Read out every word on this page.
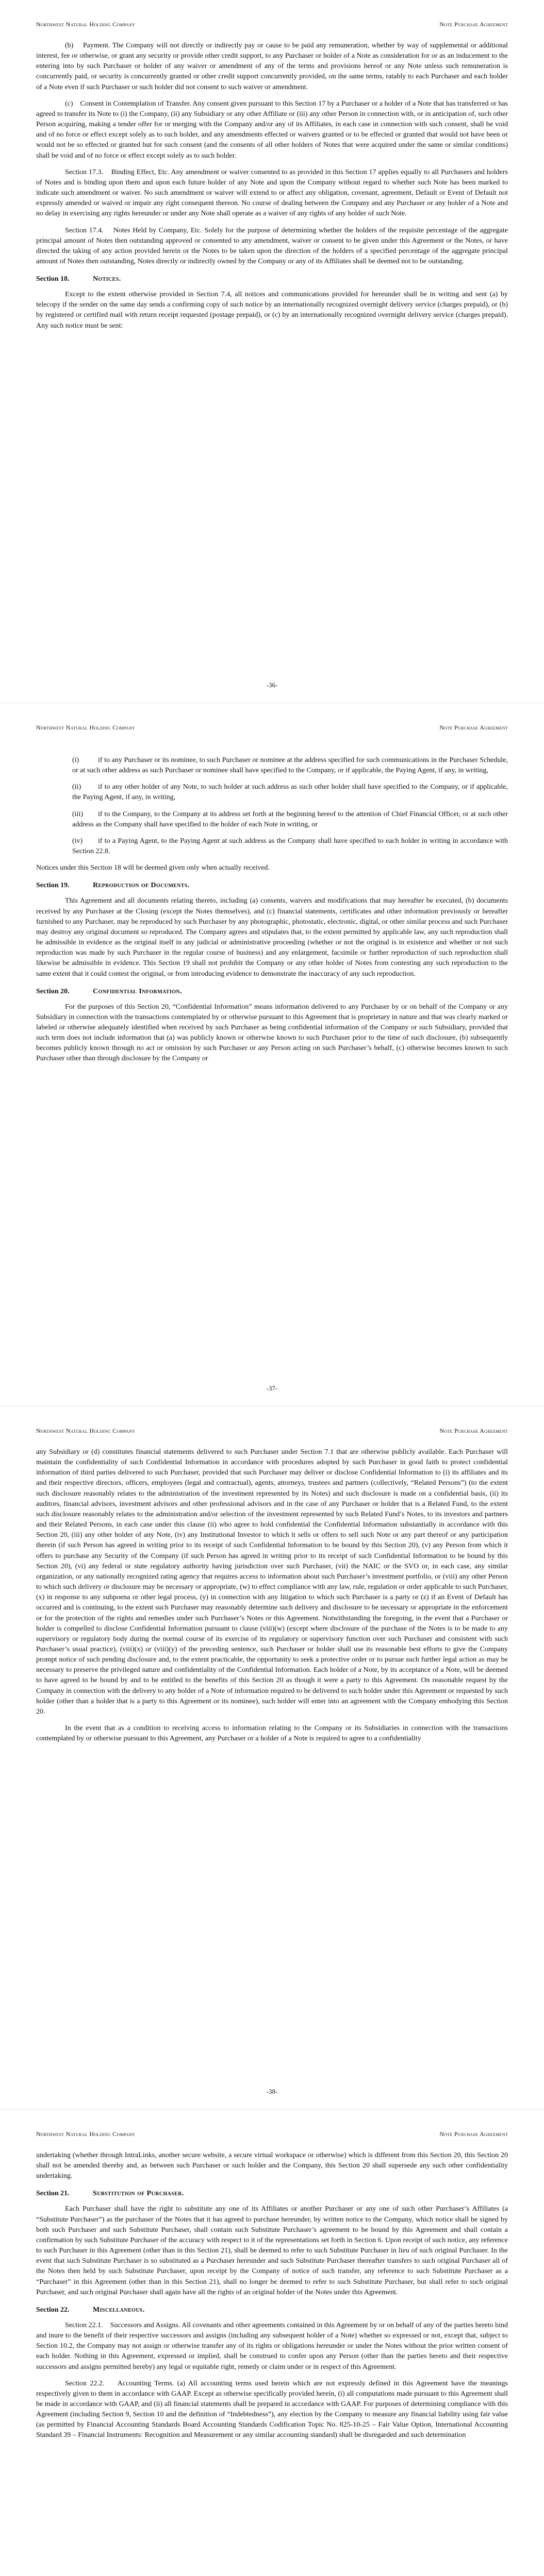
Northwest Natural Holding Company	Note Purchase Agreement

(b)    Payment. The Company will not directly or indirectly pay or cause to be paid any remuneration, whether by way of supplemental or additional interest, fee or otherwise, or grant any security or provide other credit support, to any Purchaser or holder of a Note as consideration for or as an inducement to the entering into by such Purchaser or holder of any waiver or amendment of any of the terms and provisions hereof or any Note unless such remuneration is concurrently paid, or security is concurrently granted or other credit support concurrently provided, on the same terms, ratably to each Purchaser and each holder of a Note even if such Purchaser or such holder did not consent to such waiver or amendment.

(c)    Consent in Contemplation of Transfer. Any consent given pursuant to this Section 17 by a Purchaser or a holder of a Note that has transferred or has agreed to transfer its Note to (i) the Company, (ii) any Subsidiary or any other Affiliate or (iii) any other Person in connection with, or in anticipation of, such other Person acquiring, making a tender offer for or merging with the Company and/or any of its Affiliates, in each case in connection with such consent, shall be void and of no force or effect except solely as to such holder, and any amendments effected or waivers granted or to be effected or granted that would not have been or would not be so effected or granted but for such consent (and the consents of all other holders of Notes that were acquired under the same or similar conditions) shall be void and of no force or effect except solely as to such holder.

Section 17.3.    Binding Effect, Etc. Any amendment or waiver consented to as provided in this Section 17 applies equally to all Purchasers and holders of Notes and is binding upon them and upon each future holder of any Note and upon the Company without regard to whether such Note has been marked to indicate such amendment or waiver. No such amendment or waiver will extend to or affect any obligation, covenant, agreement, Default or Event of Default not expressly amended or waived or impair any right consequent thereon. No course of dealing between the Company and any Purchaser or any holder of a Note and no delay in exercising any rights hereunder or under any Note shall operate as a waiver of any rights of any holder of such Note.

Section 17.4.    Notes Held by Company, Etc. Solely for the purpose of determining whether the holders of the requisite percentage of the aggregate principal amount of Notes then outstanding approved or consented to any amendment, waiver or consent to be given under this Agreement or the Notes, or have directed the taking of any action provided herein or the Notes to be taken upon the direction of the holders of a specified percentage of the aggregate principal amount of Notes then outstanding, Notes directly or indirectly owned by the Company or any of its Affiliates shall be deemed not to be outstanding.

Section 18.	Notices.

Except to the extent otherwise provided in Section 7.4, all notices and communications provided for hereunder shall be in writing and sent (a) by telecopy if the sender on the same day sends a confirming copy of such notice by an internationally recognized overnight delivery service (charges prepaid), or (b) by registered or certified mail with return receipt requested (postage prepaid), or (c) by an internationally recognized overnight delivery service (charges prepaid). Any such notice must be sent:

-36-
Northwest Natural Holding Company	Note Purchase Agreement

(i)	if to any Purchaser or its nominee, to such Purchaser or nominee at the address specified for such communications in the Purchaser Schedule, or at such other address as such Purchaser or nominee shall have specified to the Company, or if applicable, the Paying Agent, if any, in writing,

(ii) if to any other holder of any Note, to such holder at such address as such other holder shall have specified to the Company, or if applicable, the Paying Agent, if any, in writing,

(iii) if to the Company, to the Company at its address set forth at the beginning hereof to the attention of Chief Financial Officer, or at such other address as the Company shall have specified to the holder of each Note in writing, or

(iv) if to a Paying Agent, to the Paying Agent at such address as the Company shall have specified to each holder in writing in accordance with Section 22.8.

Notices under this Section 18 will be deemed given only when actually received.

Section 19.	Reproduction of Documents.

This Agreement and all documents relating thereto, including (a) consents, waivers and modifications that may hereafter be executed, (b) documents received by any Purchaser at the Closing (except the Notes themselves), and (c) financial statements, certificates and other information previously or hereafter furnished to any Purchaser, may be reproduced by such Purchaser by any photographic, photostatic, electronic, digital, or other similar process and such Purchaser may destroy any original document so reproduced. The Company agrees and stipulates that, to the extent permitted by applicable law, any such reproduction shall be admissible in evidence as the original itself in any judicial or administrative proceeding (whether or not the original is in existence and whether or not such reproduction was made by such Purchaser in the regular course of business) and any enlargement, facsimile or further reproduction of such reproduction shall likewise be admissible in evidence. This Section 19 shall not prohibit the Company or any other holder of Notes from contesting any such reproduction to the same extent that it could contest the original, or from introducing evidence to demonstrate the inaccuracy of any such reproduction.

Section 20.	Confidential Information.

For the purposes of this Section 20, “Confidential Information” means information delivered to any Purchaser by or on behalf of the Company or any Subsidiary in connection with the transactions contemplated by or otherwise pursuant to this Agreement that is proprietary in nature and that was clearly marked or labeled or otherwise adequately identified when received by such Purchaser as being confidential information of the Company or such Subsidiary, provided that such term does not include information that (a) was publicly known or otherwise known to such Purchaser prior to the time of such disclosure, (b) subsequently becomes publicly known through no act or omission by such Purchaser or any Person acting on such Purchaser’s behalf, (c) otherwise becomes known to such Purchaser other than through disclosure by the Company or

-37-
Northwest Natural Holding Company	Note Purchase Agreement

any Subsidiary or (d) constitutes financial statements delivered to such Purchaser under Section 7.1 that are otherwise publicly available. Each Purchaser will maintain the confidentiality of such Confidential Information in accordance with procedures adopted by such Purchaser in good faith to protect confidential information of third parties delivered to such Purchaser, provided that such Purchaser may deliver or disclose Confidential Information to (i) its affiliates and its and their respective directors, officers, employees (legal and contractual), agents, attorneys, trustees and partners (collectively, “Related Persons”) (to the extent such disclosure reasonably relates to the administration of the investment represented by its Notes) and such disclosure is made on a confidential basis, (ii) its auditors, financial advisors, investment advisors and other professional advisors and in the case of any Purchaser or holder that is a Related Fund, to the extent such disclosure reasonably relates to the administration and/or selection of the investment represented by such Related Fund’s Notes, to its investors and partners and their Related Persons, in each case under this clause (ii) who agree to hold confidential the Confidential Information substantially in accordance with this Section 20, (iii) any other holder of any Note, (iv) any Institutional Investor to which it sells or offers to sell such Note or any part thereof or any participation therein (if such Person has agreed in writing prior to its receipt of such Confidential Information to be bound by this Section 20), (v) any Person from which it offers to purchase any Security of the Company (if such Person has agreed in writing prior to its receipt of such Confidential Information to be bound by this Section 20), (vi) any federal or state regulatory authority having jurisdiction over such Purchaser, (vii) the NAIC or the SVO or, in each case, any similar organization, or any nationally recognized rating agency that requires access to information about such Purchaser’s investment portfolio, or (viii) any other Person to which such delivery or disclosure may be necessary or appropriate, (w) to effect compliance with any law, rule, regulation or order applicable to such Purchaser, (x) in response to any subpoena or other legal process, (y) in connection with any litigation to which such Purchaser is a party or (z) if an Event of Default has occurred and is continuing, to the extent such Purchaser may reasonably determine such delivery and disclosure to be necessary or appropriate in the enforcement or for the protection of the rights and remedies under such Purchaser’s Notes or this Agreement. Notwithstanding the foregoing, in the event that a Purchaser or holder is compelled to disclose Confidential Information pursuant to clause (viii)(w) (except where disclosure of the purchase of the Notes is to be made to any supervisory or regulatory body during the normal course of its exercise of its regulatory or supervisory function over such Purchaser and consistent with such Purchaser’s usual practice), (viii)(x) or (viii)(y) of the preceding sentence, such Purchaser or holder shall use its reasonable best efforts to give the Company prompt notice of such pending disclosure and, to the extent practicable, the opportunity to seek a protective order or to pursue such further legal action as may be necessary to preserve the privileged nature and confidentiality of the Confidential Information. Each holder of a Note, by its acceptance of a Note, will be deemed to have agreed to be bound by and to be entitled to the benefits of this Section 20 as though it were a party to this Agreement. On reasonable request by the Company in connection with the delivery to any holder of a Note of information required to be delivered to such holder under this Agreement or requested by such holder (other than a holder that is a party to this Agreement or its nominee), such holder will enter into an agreement with the Company embodying this Section 20.

In the event that as a condition to receiving access to information relating to the Company or its Subsidiaries in connection with the transactions contemplated by or otherwise pursuant to this Agreement, any Purchaser or a holder of a Note is required to agree to a confidentiality

-38-
Northwest Natural Holding Company	Note Purchase Agreement

undertaking (whether through IntraLinks, another secure website, a secure virtual workspace or otherwise) which is different from this Section 20, this Section 20 shall not be amended thereby and, as between such Purchaser or such holder and the Company, this Section 20 shall supersede any such other confidentiality undertaking.

Section 21.	Substitution of Purchaser.

Each Purchaser shall have the right to substitute any one of its Affiliates or another Purchaser or any one of such other Purchaser’s Affiliates (a “Substitute Purchaser”) as the purchaser of the Notes that it has agreed to purchase hereunder, by written notice to the Company, which notice shall be signed by both such Purchaser and such Substitute Purchaser, shall contain such Substitute Purchaser’s agreement to be bound by this Agreement and shall contain a confirmation by such Substitute Purchaser of the accuracy with respect to it of the representations set forth in Section 6. Upon receipt of such notice, any reference to such Purchaser in this Agreement (other than in this Section 21), shall be deemed to refer to such Substitute Purchaser in lieu of such original Purchaser. In the event that such Substitute Purchaser is so substituted as a Purchaser hereunder and such Substitute Purchaser thereafter transfers to such original Purchaser all of the Notes then held by such Substitute Purchaser, upon receipt by the Company of notice of such transfer, any reference to such Substitute Purchaser as a “Purchaser” in this Agreement (other than in this Section 21), shall no longer be deemed to refer to such Substitute Purchaser, but shall refer to such original Purchaser, and such original Purchaser shall again have all the rights of an original holder of the Notes under this Agreement.

Section 22.	Miscellaneous.

Section 22.1.    Successors and Assigns. All covenants and other agreements contained in this Agreement by or on behalf of any of the parties hereto bind and inure to the benefit of their respective successors and assigns (including any subsequent holder of a Note) whether so expressed or not, except that, subject to Section 10.2, the Company may not assign or otherwise transfer any of its rights or obligations hereunder or under the Notes without the prior written consent of each holder. Nothing in this Agreement, expressed or implied, shall be construed to confer upon any Person (other than the parties hereto and their respective successors and assigns permitted hereby) any legal or equitable right, remedy or claim under or in respect of this Agreement.

Section 22.2.    Accounting Terms. (a) All accounting terms used herein which are not expressly defined in this Agreement have the meanings respectively given to them in accordance with GAAP. Except as otherwise specifically provided herein, (i) all computations made pursuant to this Agreement shall be made in accordance with GAAP, and (ii) all financial statements shall be prepared in accordance with GAAP. For purposes of determining compliance with this Agreement (including Section 9, Section 10 and the definition of “Indebtedness”), any election by the Company to measure any financial liability using fair value (as permitted by Financial Accounting Standards Board Accounting Standards Codification Topic No. 825-10-25 – Fair Value Option, International Accounting Standard 39 – Financial Instruments: Recognition and Measurement or any similar accounting standard) shall be disregarded and such determination
